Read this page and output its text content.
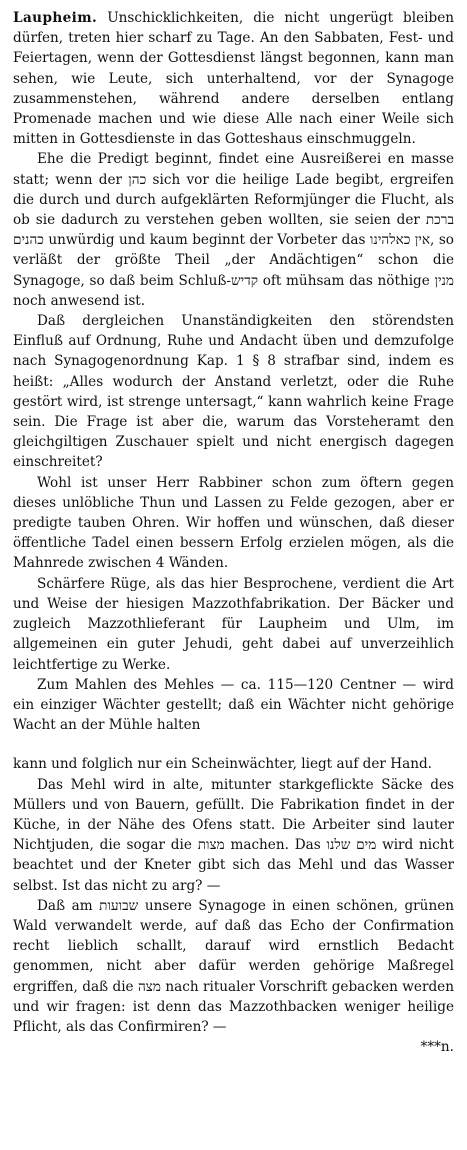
Laupheim. Unschicklichkeiten, die nicht ungerügt bleiben dürfen, treten hier scharf zu Tage. An den Sabbaten, Fest- und Feiertagen, wenn der Gottesdienst längst begonnen, kann man sehen, wie Leute, sich unterhaltend, vor der Synagoge zusammenstehen, während andere derselben entlang Promenade machen und wie diese Alle nach einer Weile sich mitten in Gottesdienste in das Gotteshaus einschmuggeln.

Ehe die Predigt beginnt, findet eine Ausreißerei en masse statt; wenn der כהן sich vor die heilige Lade begibt, ergreifen die durch und durch aufgeklärten Reformjünger die Flucht, als ob sie dadurch zu verstehen geben wollten, sie seien der ברכת כהנים unwürdig und kaum beginnt der Vorbeter das אין כאלהינו, so verläßt der größte Theil „der Andächtigen“ schon die Synagoge, so daß beim Schluß-קדיש oft mühsam das nöthige מנין noch anwesend ist.

Daß dergleichen Unanständigkeiten den störendsten Einfluß auf Ordnung, Ruhe und Andacht üben und demzufolge nach Synagogenordnung Kap. 1 § 8 strafbar sind, indem es heißt: „Alles wodurch der Anstand verletzt, oder die Ruhe gestört wird, ist strenge untersagt,“ kann wahrlich keine Frage sein. Die Frage ist aber die, warum das Vorsteheramt den gleichgiltigen Zuschauer spielt und nicht energisch dagegen einschreitet?

Wohl ist unser Herr Rabbiner schon zum öftern gegen dieses unlöbliche Thun und Lassen zu Felde gezogen, aber er predigte tauben Ohren. Wir hoffen und wünschen, daß dieser öffentliche Tadel einen bessern Erfolg erzielen mögen, als die Mahnrede zwischen 4 Wänden.

Schärfere Rüge, als das hier Besprochene, verdient die Art und Weise der hiesigen Mazzothfabrikation. Der Bäcker und zugleich Mazzothlieferant für Laupheim und Ulm, im allgemeinen ein guter Jehudi, geht dabei auf unverzeihlich leichtfertige zu Werke.

Zum Mahlen des Mehles — ca. 115—120 Centner — wird ein einziger Wächter gestellt; daß ein Wächter nicht gehörige Wacht an der Mühle halten

kann und folglich nur ein Scheinwächter, liegt auf der Hand.

Das Mehl wird in alte, mitunter starkgeflickte Säcke des Müllers und von Bauern, gefüllt. Die Fabrikation findet in der Küche, in der Nähe des Ofens statt. Die Arbeiter sind lauter Nichtjuden, die sogar die מצות machen. Das מים שלנו wird nicht beachtet und der Kneter gibt sich das Mehl und das Wasser selbst. Ist das nicht zu arg? —

Daß am שבועות unsere Synagoge in einen schönen, grünen Wald verwandelt werde, auf daß das Echo der Confirmation recht lieblich schallt, darauf wird ernstlich Bedacht genommen, nicht aber dafür werden gehörige Maßregel ergriffen, daß die מצה nach ritualer Vorschrift gebacken werden und wir fragen: ist denn das Mazzothbacken weniger heilige Pflicht, als das Confirmiren? —

***n.
